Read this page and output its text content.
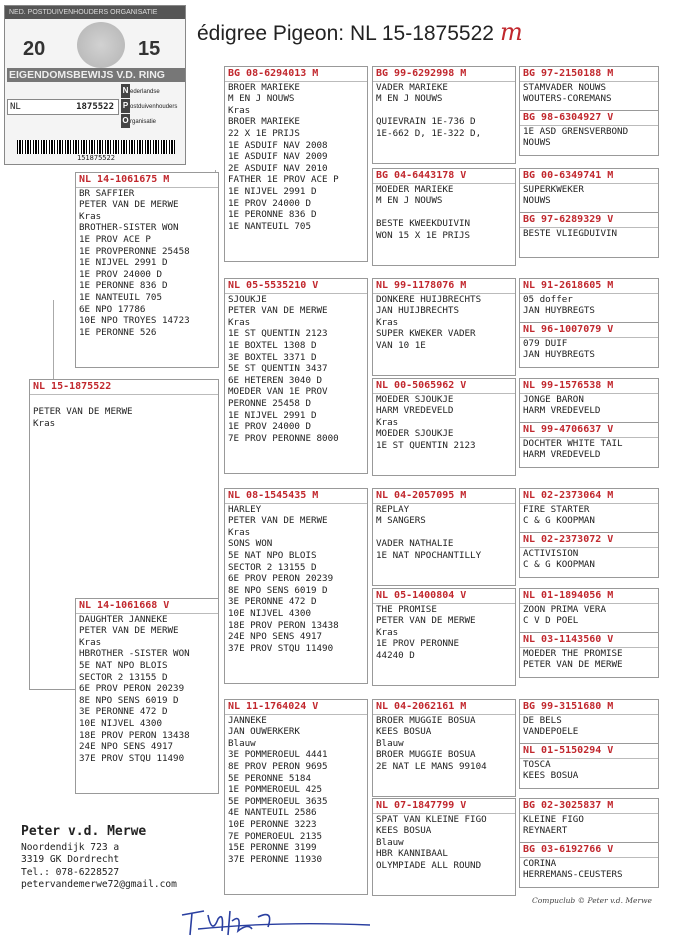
NED. POSTDUIVENHOUDERS ORGANISATIE
20	15
EIGENDOMSBEWIJS V.D. RING
NL	1875522
N ederlandse
P ostduivenhouders
Organisatie
151875522
édigree Pigeon: NL 15-1875522 m
NL 15-1875522
PETER VAN DE MERWE
Kras
NL 14-1061675 M
BR SAFFIER
PETER VAN DE MERWE
Kras
BROTHER-SISTER WON
1E PROV ACE P
1E PROVPERONNE 25458
1E NIJVEL 2991 D
1E PROV 24000 D
1E PERONNE 836 D
1E NANTEUIL 705
6E NPO 17786
10E NPO TROYES 14723
1E PERONNE 526
NL 14-1061668 V
DAUGHTER JANNEKE
PETER VAN DE MERWE
Kras
HBROTHER -SISTER WON
5E NAT NPO BLOIS
SECTOR 2 13155 D
6E PROV PERON 20239
8E NPO SENS 6019 D
3E PERONNE 472 D
10E NIJVEL 4300
18E PROV PERON 13438
24E NPO SENS 4917
37E PROV STQU 11490
BG 08-6294013 M
BROER MARIEKE
M EN J NOUWS
Kras
BROER MARIEKE
22 X 1E PRIJS
1E ASDUIF NAV 2008
1E ASDUIF NAV 2009
2E ASDUIF NAV 2010
FATHER 1E PROV ACE P
1E NIJVEL 2991 D
1E PROV 24000 D
1E PERONNE 836 D
1E NANTEUIL 705
NL 05-5535210 V
SJOUKJE
PETER VAN DE MERWE
Kras
1E ST QUENTIN 2123
1E BOXTEL 1308 D
3E BOXTEL 3371 D
5E ST QUENTIN 3437
6E HETEREN 3040 D
MOEDER VAN 1E PROV
PERONNE 25458 D
1E NIJVEL 2991 D
1E PROV 24000 D
7E PROV PERONNE 8000
NL 08-1545435 M
HARLEY
PETER VAN DE MERWE
Kras
SONS WON
5E NAT NPO BLOIS
SECTOR 2 13155 D
6E PROV PERON 20239
8E NPO SENS 6019 D
3E PERONNE 472 D
10E NIJVEL 4300
18E PROV PERON 13438
24E NPO SENS 4917
37E PROV STQU 11490
NL 11-1764024 V
JANNEKE
JAN OUWERKERK
Blauw
3E POMMEROEUL 4441
8E PROV PERON 9695
5E PERONNE 5184
1E POMMEROEUL 425
5E POMMEROEUL 3635
4E NANTEUIL 2586
10E PERONNE 3223
7E POMEROEUL 2135
15E PERONNE 3199
37E PERONNE 11930
BG 99-6292998 M
VADER MARIEKE
M EN J NOUWS
QUIEVRAIN 1E-736 D
1E-662 D, 1E-322 D,
BG 04-6443178 V
MOEDER MARIEKE
M EN J NOUWS
BESTE KWEEKDUIVIN
WON 15 X 1E PRIJS
NL 99-1178076 M
DONKERE HUIJBRECHTS
JAN HUIJBRECHTS
Kras
SUPER KWEKER VADER
VAN 10 1E
NL 00-5065962 V
MOEDER SJOUKJE
HARM VREDEVELD
Kras
MOEDER SJOUKJE
1E ST QUENTIN 2123
NL 04-2057095 M
REPLAY
M SANGERS
VADER NATHALIE
1E NAT NPOCHANTILLY
NL 05-1400804 V
THE PROMISE
PETER VAN DE MERWE
Kras
1E PROV PERONNE
44240 D
NL 04-2062161 M
BROER MUGGIE BOSUA
KEES BOSUA
Blauw
BROER MUGGIE BOSUA
2E NAT LE MANS 99104
NL 07-1847799 V
SPAT VAN KLEINE FIGO
KEES BOSUA
Blauw
HBR KANNIBAAL
OLYMPIADE ALL ROUND
BG 97-2150188 M
STAMVADER NOUWS
WOUTERS-COREMANS
BG 98-6304927 V
1E ASD GRENSVERBOND
NOUWS
BG 00-6349741 M
SUPERKWEKER
NOUWS
BG 97-6289329 V
BESTE VLIEGDUIVIN
NL 91-2618605 M
05 doffer
JAN HUYBREGTS
NL 96-1007079 V
079 DUIF
JAN HUYBREGTS
NL 99-1576538 M
JONGE BARON
HARM VREDEVELD
NL 99-4706637 V
DOCHTER WHITE TAIL
HARM VREDEVELD
NL 02-2373064 M
FIRE STARTER
C & G KOOPMAN
NL 02-2373072 V
ACTIVISION
C & G KOOPMAN
NL 01-1894056 M
ZOON PRIMA VERA
C V D POEL
NL 03-1143560 V
MOEDER THE PROMISE
PETER VAN DE MERWE
BG 99-3151680 M
DE BELS
VANDEPOELE
NL 01-5150294 V
TOSCA
KEES BOSUA
BG 02-3025837 M
KLEINE FIGO
REYNAERT
BG 03-6192766 V
CORINA
HERREMANS-CEUSTERS
Peter v.d. Merwe
Noordendijk 723 a
3319 GK Dordrecht
Tel.: 078-6228527
petervandemerwe72@gmail.com
Compuclub © Peter v.d. Merwe
